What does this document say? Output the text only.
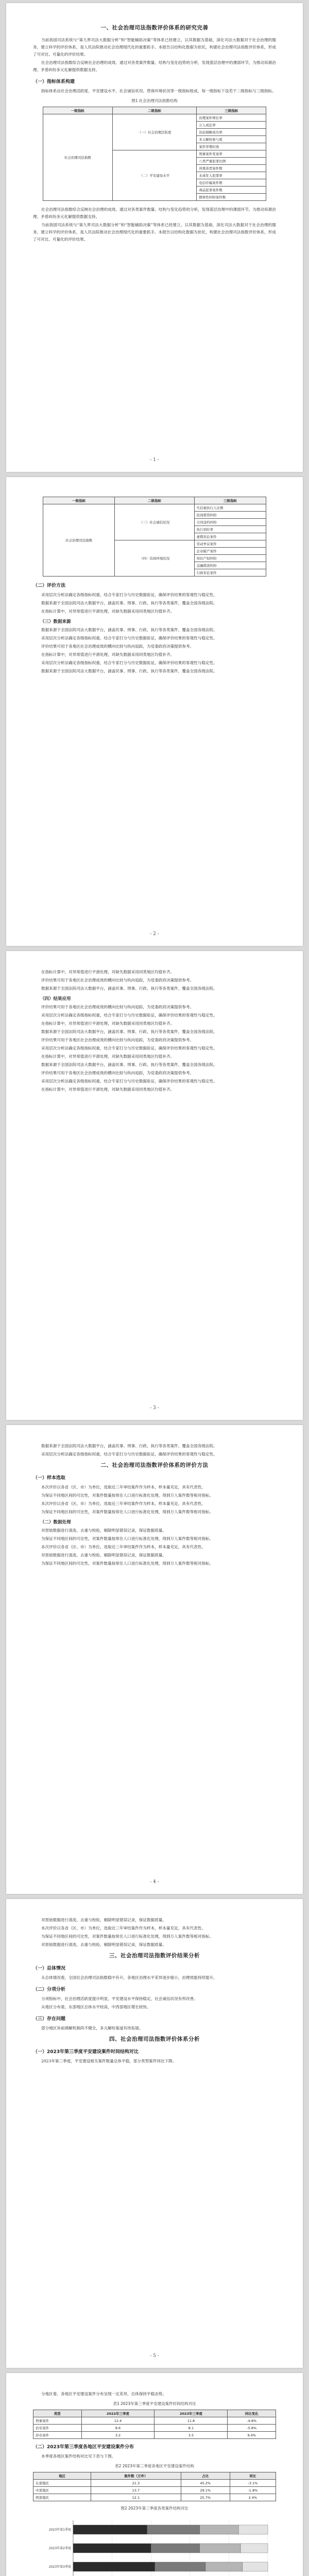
一、社会治理司法指数评价体系的研究完善

当前我国司法系统与“第九界司法大数据分析”和“智能辅助决策”等体系已经建立，以其数据为基础，深化司法大数据对于社会治理的服务，建立科学的评价体系，是人民法院推动社会治理现代化的重要抓手。本报告以结构化数据为依托，构建社会治理司法指数评价体系，形成了可对比、可量化的评价结果。

社会治理司法指数综合反映社会治理的成效。通过对各类案件数量、结构与变化趋势的分析，发现基层治理中的薄弱环节，为推动诉源治理、矛盾纠纷多元化解提供数据支持。

（一）指标体系构建

指标体系由社会治理活跃度、平安建设水平、社会诚信状况、营商环境状况等一级指标组成，每一级指标下设若干二级指标与三级指标。

图1 社会治理司法指数结构
一级指标	二级指标	三级指标
社会治理司法指数	（一）社会治理活跃度	治理案件增长率
		万人成讼率
		诉前调解成功率
		多元解纷参与度
		案件审理时效
	（二）平安建设水平	刑事案件发案率
		八类严重犯罪比例
		涉黑涉恶案件数
		未成年人犯罪率
		电信诈骗案件数
		毒品犯罪案件数
		群体性纠纷案件数

社会治理司法指数综合反映社会治理的成效。通过对各类案件数量、结构与变化趋势的分析，发现基层治理中的薄弱环节，为推动诉源治理、矛盾纠纷多元化解提供数据支持。

当前我国司法系统与“第九界司法大数据分析”和“智能辅助决策”等体系已经建立，以其数据为基础，深化司法大数据对于社会治理的服务，建立科学的评价体系，是人民法院推动社会治理现代化的重要抓手。本报告以结构化数据为依托，构建社会治理司法指数评价体系，形成了可对比、可量化的评价结果。

- 1 -
一级指标	二级指标	三级指标
社会治理司法指数	（三）社会诚信状况	失信被执行人比例
		民间借贷纠纷
		合同违约纠纷
		执行到位率
		虚假诉讼案件
	（四）营商环境状况	劳动争议案件
		企业破产案件
		知识产权纠纷
		金融借款纠纷
		行政诉讼案件
（二）评价方法

采用层次分析法确定各级指标权重，结合专家打分与历史数据验证，确保评价结果的客观性与稳定性。

数据来源于全国法院司法大数据平台，涵盖民事、刑事、行政、执行等各类案件，覆盖全国各级法院。

在指标计算中，对异常值进行平滑处理，对缺失数据采用同类地区均值补齐。

（三）数据来源

数据来源于全国法院司法大数据平台，涵盖民事、刑事、行政、执行等各类案件，覆盖全国各级法院。

采用层次分析法确定各级指标权重，结合专家打分与历史数据验证，确保评价结果的客观性与稳定性。

评价结果可用于各地区社会治理成效的横向比较与纵向追踪，为党委政府决策提供参考。

在指标计算中，对异常值进行平滑处理，对缺失数据采用同类地区均值补齐。

采用层次分析法确定各级指标权重，结合专家打分与历史数据验证，确保评价结果的客观性与稳定性。

数据来源于全国法院司法大数据平台，涵盖民事、刑事、行政、执行等各类案件，覆盖全国各级法院。

- 2 -

在指标计算中，对异常值进行平滑处理，对缺失数据采用同类地区均值补齐。

评价结果可用于各地区社会治理成效的横向比较与纵向追踪，为党委政府决策提供参考。

数据来源于全国法院司法大数据平台，涵盖民事、刑事、行政、执行等各类案件，覆盖全国各级法院。

（四）结果应用

评价结果可用于各地区社会治理成效的横向比较与纵向追踪，为党委政府决策提供参考。

采用层次分析法确定各级指标权重，结合专家打分与历史数据验证，确保评价结果的客观性与稳定性。

在指标计算中，对异常值进行平滑处理，对缺失数据采用同类地区均值补齐。

数据来源于全国法院司法大数据平台，涵盖民事、刑事、行政、执行等各类案件，覆盖全国各级法院。

评价结果可用于各地区社会治理成效的横向比较与纵向追踪，为党委政府决策提供参考。

采用层次分析法确定各级指标权重，结合专家打分与历史数据验证，确保评价结果的客观性与稳定性。

在指标计算中，对异常值进行平滑处理，对缺失数据采用同类地区均值补齐。

数据来源于全国法院司法大数据平台，涵盖民事、刑事、行政、执行等各类案件，覆盖全国各级法院。

评价结果可用于各地区社会治理成效的横向比较与纵向追踪，为党委政府决策提供参考。

采用层次分析法确定各级指标权重，结合专家打分与历史数据验证，确保评价结果的客观性与稳定性。

在指标计算中，对异常值进行平滑处理，对缺失数据采用同类地区均值补齐。

- 3 -

数据来源于全国法院司法大数据平台，涵盖民事、刑事、行政、执行等各类案件，覆盖全国各级法院。

采用层次分析法确定各级指标权重，结合专家打分与历史数据验证，确保评价结果的客观性与稳定性。

二、社会治理司法指数评价体系的评价方法
（一）样本选取

本次评价以各省（区、市）为单位，选取近三年审结案件作为样本，样本量充足，具有代表性。

为保证不同地区间的可比性，对案件数量按常住人口进行标准化处理，得到万人案件数等相对指标。

本次评价以各省（区、市）为单位，选取近三年审结案件作为样本，样本量充足，具有代表性。

为保证不同地区间的可比性，对案件数量按常住人口进行标准化处理，得到万人案件数等相对指标。

（二）数据处理

对原始数据进行清洗、去重与校验，剔除明显错误记录，保证数据质量。

为保证不同地区间的可比性，对案件数量按常住人口进行标准化处理，得到万人案件数等相对指标。

本次评价以各省（区、市）为单位，选取近三年审结案件作为样本，样本量充足，具有代表性。

对原始数据进行清洗、去重与校验，剔除明显错误记录，保证数据质量。

为保证不同地区间的可比性，对案件数量按常住人口进行标准化处理，得到万人案件数等相对指标。

- 4 -

对原始数据进行清洗、去重与校验，剔除明显错误记录，保证数据质量。

本次评价以各省（区、市）为单位，选取近三年审结案件作为样本，样本量充足，具有代表性。

为保证不同地区间的可比性，对案件数量按常住人口进行标准化处理，得到万人案件数等相对指标。

对原始数据进行清洗、去重与校验，剔除明显错误记录，保证数据质量。

三、社会治理司法指数评价结果分析
（一）总体情况

从总体情况看，全国社会治理司法指数稳中有升，各地区治理水平差异逐步缩小，治理效能持续提升。

（二）分项分析

分项指标中，社会治理活跃度提升明显，平安建设水平保持稳定，社会诚信状况有所改善。

从地区分布看，东部地区总体水平较高，中西部地区增长较快。

（三）存在问题

部分地区诉前调解机制尚不健全，多元解纷渠道有待拓展。

四、社会治理司法指数评价体系分析
（一）2023年第三季度平安建设案件时间结构对比

2023年第三季度，平安建设相关案件数量总体平稳，部分类型案件同比下降。

- 5 -

分地区看，各地区平安建设案件分布呈现一定差异，总体保持平稳态势。

表1 2023年第三季度平安建设案件时间结构对比
类型	2022年三季度	2023年三季度	同比变化
刑事案件	12.4	11.8	-4.8%
治安案件	8.6	8.1	-5.8%
涉众案件	3.2	3.5	9.4%
（二）2023年第三季度各地区平安建设案件分布

本季度各地区案件结构对比见下表与下图。

表2 2023年第三季度各地区平安建设案件结构
地区	案件数（万件）	占比	同比
东部地区	21.3	45.2%	-3.1%
中部地区	13.7	29.1%	-1.8%
西部地区	12.1	25.7%	2.4%
图2 2023年第三季度各类案件结构对比
2023年第1季度
2023年第2季度
2023年第3季度
